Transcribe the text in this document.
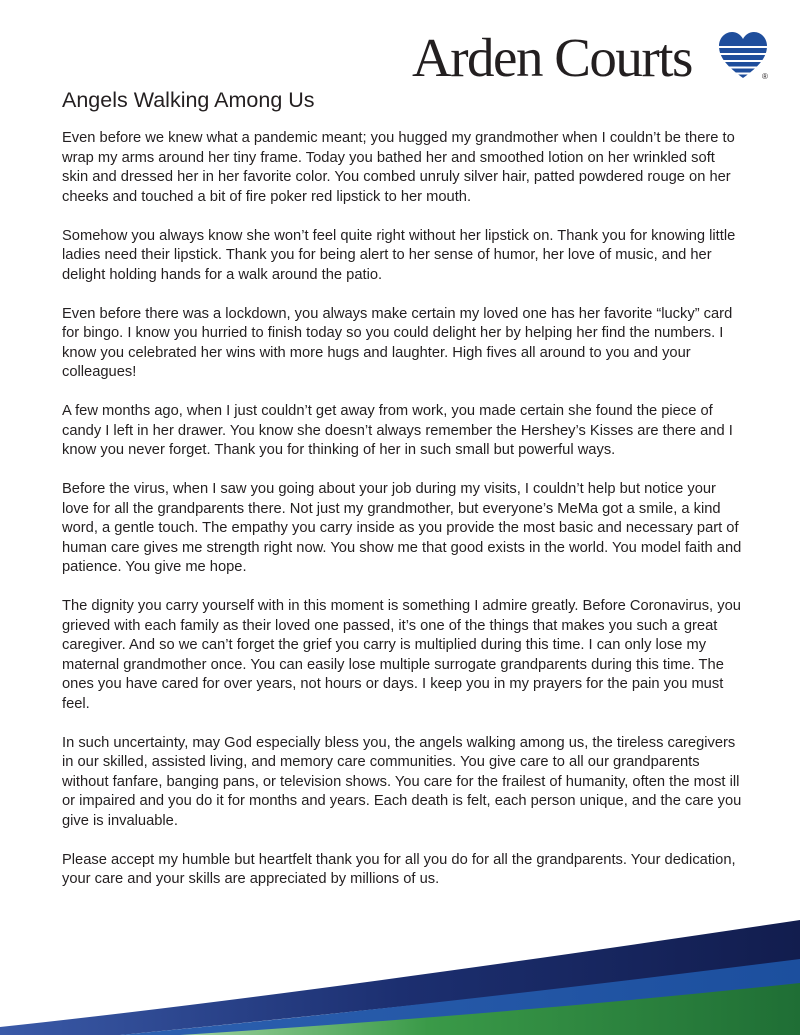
Arden Courts	®
Angels Walking Among Us

Even before we knew what a pandemic meant; you hugged my grandmother when I couldn’t be there to wrap my arms around her tiny frame. Today you bathed her and smoothed lotion on her wrinkled soft skin and dressed her in her favorite color. You combed unruly silver hair, patted powdered rouge on her cheeks and touched a bit of fire poker red lipstick to her mouth.

Somehow you always know she won’t feel quite right without her lipstick on. Thank you for knowing little ladies need their lipstick. Thank you for being alert to her sense of humor, her love of music, and her delight holding hands for a walk around the patio.

Even before there was a lockdown, you always make certain my loved one has her favorite “lucky” card for bingo. I know you hurried to finish today so you could delight her by helping her find the numbers. I know you celebrated her wins with more hugs and laughter. High fives all around to you and your colleagues!

A few months ago, when I just couldn’t get away from work, you made certain she found the piece of candy I left in her drawer. You know she doesn’t always remember the Hershey’s Kisses are there and I know you never forget. Thank you for thinking of her in such small but powerful ways.

Before the virus, when I saw you going about your job during my visits, I couldn’t help but notice your love for all the grandparents there. Not just my grandmother, but everyone’s MeMa got a smile, a kind word, a gentle touch. The empathy you carry inside as you provide the most basic and necessary part of human care gives me strength right now. You show me that good exists in the world. You model faith and patience. You give me hope.

The dignity you carry yourself with in this moment is something I admire greatly. Before Coronavirus, you grieved with each family as their loved one passed, it’s one of the things that makes you such a great caregiver. And so we can’t forget the grief you carry is multiplied during this time. I can only lose my maternal grandmother once. You can easily lose multiple surrogate grandparents during this time. The ones you have cared for over years, not hours or days. I keep you in my prayers for the pain you must feel.

In such uncertainty, may God especially bless you, the angels walking among us, the tireless caregivers in our skilled, assisted living, and memory care communities. You give care to all our grandparents without fanfare, banging pans, or television shows. You care for the frailest of humanity, often the most ill or impaired and you do it for months and years. Each death is felt, each person unique, and the care you give is invaluable.

Please accept my humble but heartfelt thank you for all you do for all the grandparents. Your dedication, your care and your skills are appreciated by millions of us.
